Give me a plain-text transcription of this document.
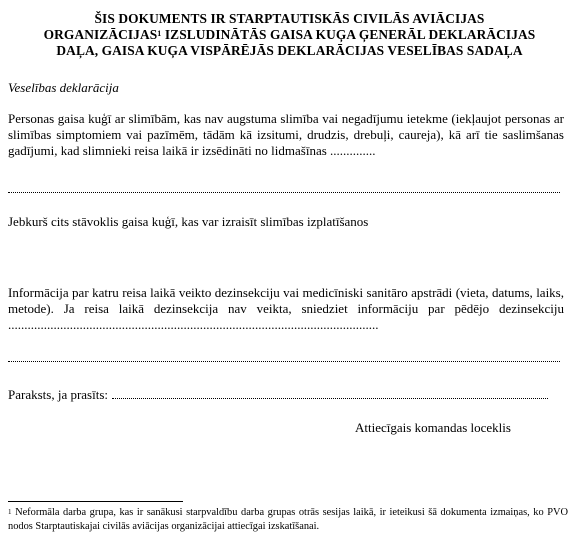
ŠIS DOKUMENTS IR STARPTAUTISKĀS CIVILĀS AVIĀCIJAS
ORGANIZĀCIJAS$^1$ IZSLUDINĀTĀS GAISA KUĢA ĢENERĀL DEKLARĀCIJAS
DAĻA, GAISA KUĢA VISPĀRĒJĀS DEKLARĀCIJAS VESELĪBAS SADAĻA
Veselības deklarācija
Personas gaisa kuģī ar slimībām, kas nav augstuma slimība vai negadījumu ietekme (iekļaujot personas ar slimības simptomiem vai pazīmēm, tādām kā izsitumi, drudzis, drebuļi, caureja), kā arī tie saslimšanas gadījumi, kad slimnieki reisa laikā ir izsēdināti no lidmašīnas ..............
Jebkurš cits stāvoklis gaisa kuģī, kas var izraisīt slimības izplatīšanos
Informācija par katru reisa laikā veikto dezinsekciju vai medicīniski sanitāro apstrādi (vieta, datums, laiks, metode). Ja reisa laikā dezinsekcija nav veikta, sniedziet informāciju par pēdējo dezinsekciju ..................................................................................................................
Paraksts, ja prasīts:
Attiecīgais komandas loceklis
$^1$ Neformāla darba grupa, kas ir sanākusi starpvaldību darba grupas otrās sesijas laikā, ir ieteikusi šā dokumenta izmaiņas, ko PVO nodos Starptautiskajai civilās aviācijas organizācijai attiecīgai izskatīšanai.
